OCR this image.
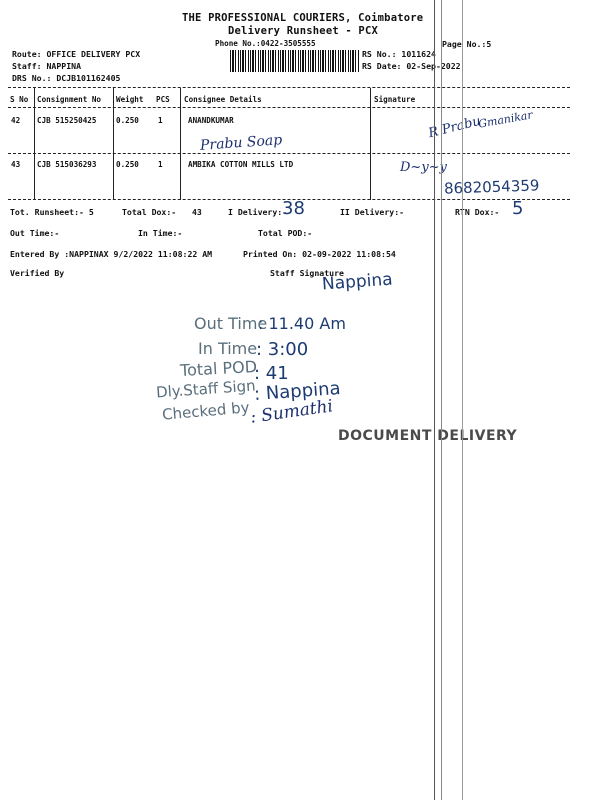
THE PROFESSIONAL COURIERS, Coimbatore
Delivery Runsheet - PCX
Phone No.:0422-3505555	Page No.:5
Route: OFFICE DELIVERY PCX
Staff: NAPPINA
DRS No.: DCJB101162405
RS No.: 1011624
RS Date: 02-Sep-2022
S No Consignment No Weight PCS Consignee Details	Signature
42 CJB 515250425	0.250	1	ANANDKUMAR
Prabu Soap
R Prabu
Gmanikar
43 CJB 515036293	0.250	1	AMBIKA COTTON MILLS LTD	D~y~y
8682054359
Tot. Runsheet:- 5	Total Dox:- 43	I Delivery:-
38	II Delivery:-	RTN Dox:- 5
Out Time:-	In Time:-	Total POD:-
Entered By :NAPPINAX 9/2/2022 11:08:22 AM	Printed On: 02-09-2022 11:08:54
Verified By	Staff Signature
Nappina
Out Time
: 11.40 Am
In Time
: 3:00
Total POD
: 41
Dly.Staff Sign
: Nappina
Checked by
: Sumathi
DOCUMENT DELIVERY
